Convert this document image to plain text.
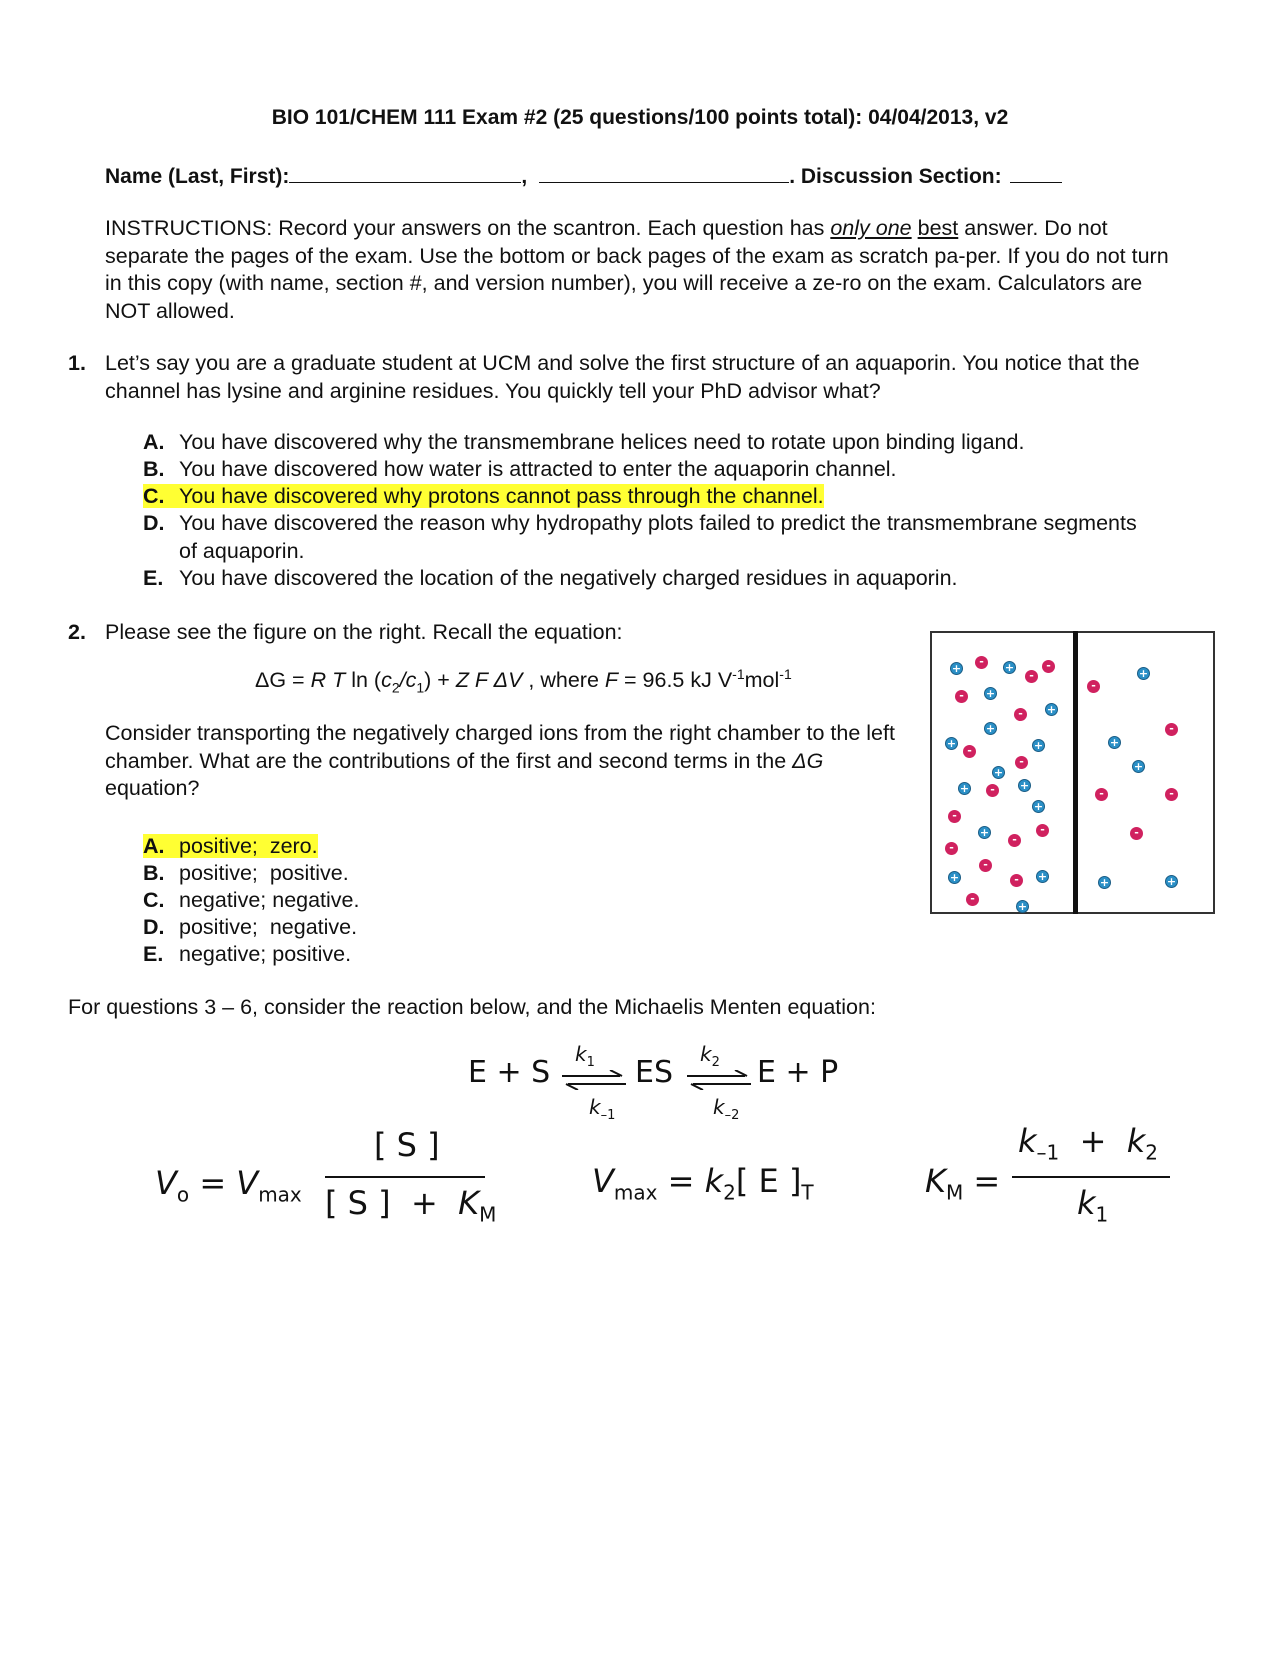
BIO 101/CHEM 111 Exam #2 (25 questions/100 points total): 04/04/2013, v2
Name (Last, First):	,	. Discussion Section:
INSTRUCTIONS: Record your answers on the scantron. Each question has only one best answer. Do not separate the pages of the exam. Use the bottom or back pages of the exam as scratch pa-per. If you do not turn in this copy (with name, section #, and version number), you will receive a ze-ro on the exam. Calculators are NOT allowed.
1. Let’s say you are a graduate student at UCM and solve the first structure of an aquaporin. You notice that the channel has lysine and arginine residues. You quickly tell your PhD advisor what?
A. You have discovered why the transmembrane helices need to rotate upon binding ligand.
B. You have discovered how water is attracted to enter the aquaporin channel.
C. You have discovered why protons cannot pass through the channel.
D. You have discovered the reason why hydropathy plots failed to predict the transmembrane segments of aquaporin.
E. You have discovered the location of the negatively charged residues in aquaporin.
2. Please see the figure on the right. Recall the equation:
ΔG = R T $\ln (c_2/c_1) + Z$ F ΔV , where F = 96.5 kJ $V^{-1}mol^{-1}$
Consider transporting the negatively charged ions from the right chamber to the left chamber. What are the contributions of the first and second terms in the ΔG equation?
A. positive;  zero.
B. positive;  positive.
C. negative; negative.
D. positive;  negative.
E. negative; positive.
+
-	+
-
-
-	+
+
-
+
+
-	+
-
+
+
+	-
+
-
+
-
-
-
+
-
-	+
-
+
+
-
-
+
+
-	-
-
+	+
For questions 3 – 6, consider the reaction below, and the Michaelis Menten equation:
E + S	ES	E + P
$k_1$
$k_{-1}$
$k_2$
$k_{-2}$
$V_o = V_{max}$
[ S ]
[ S ]  +  $K_M$
$V_{max} = k_2$[ E ]$_T$	$K_M$ =
$k_{-1} + k_2$
$k_1$
